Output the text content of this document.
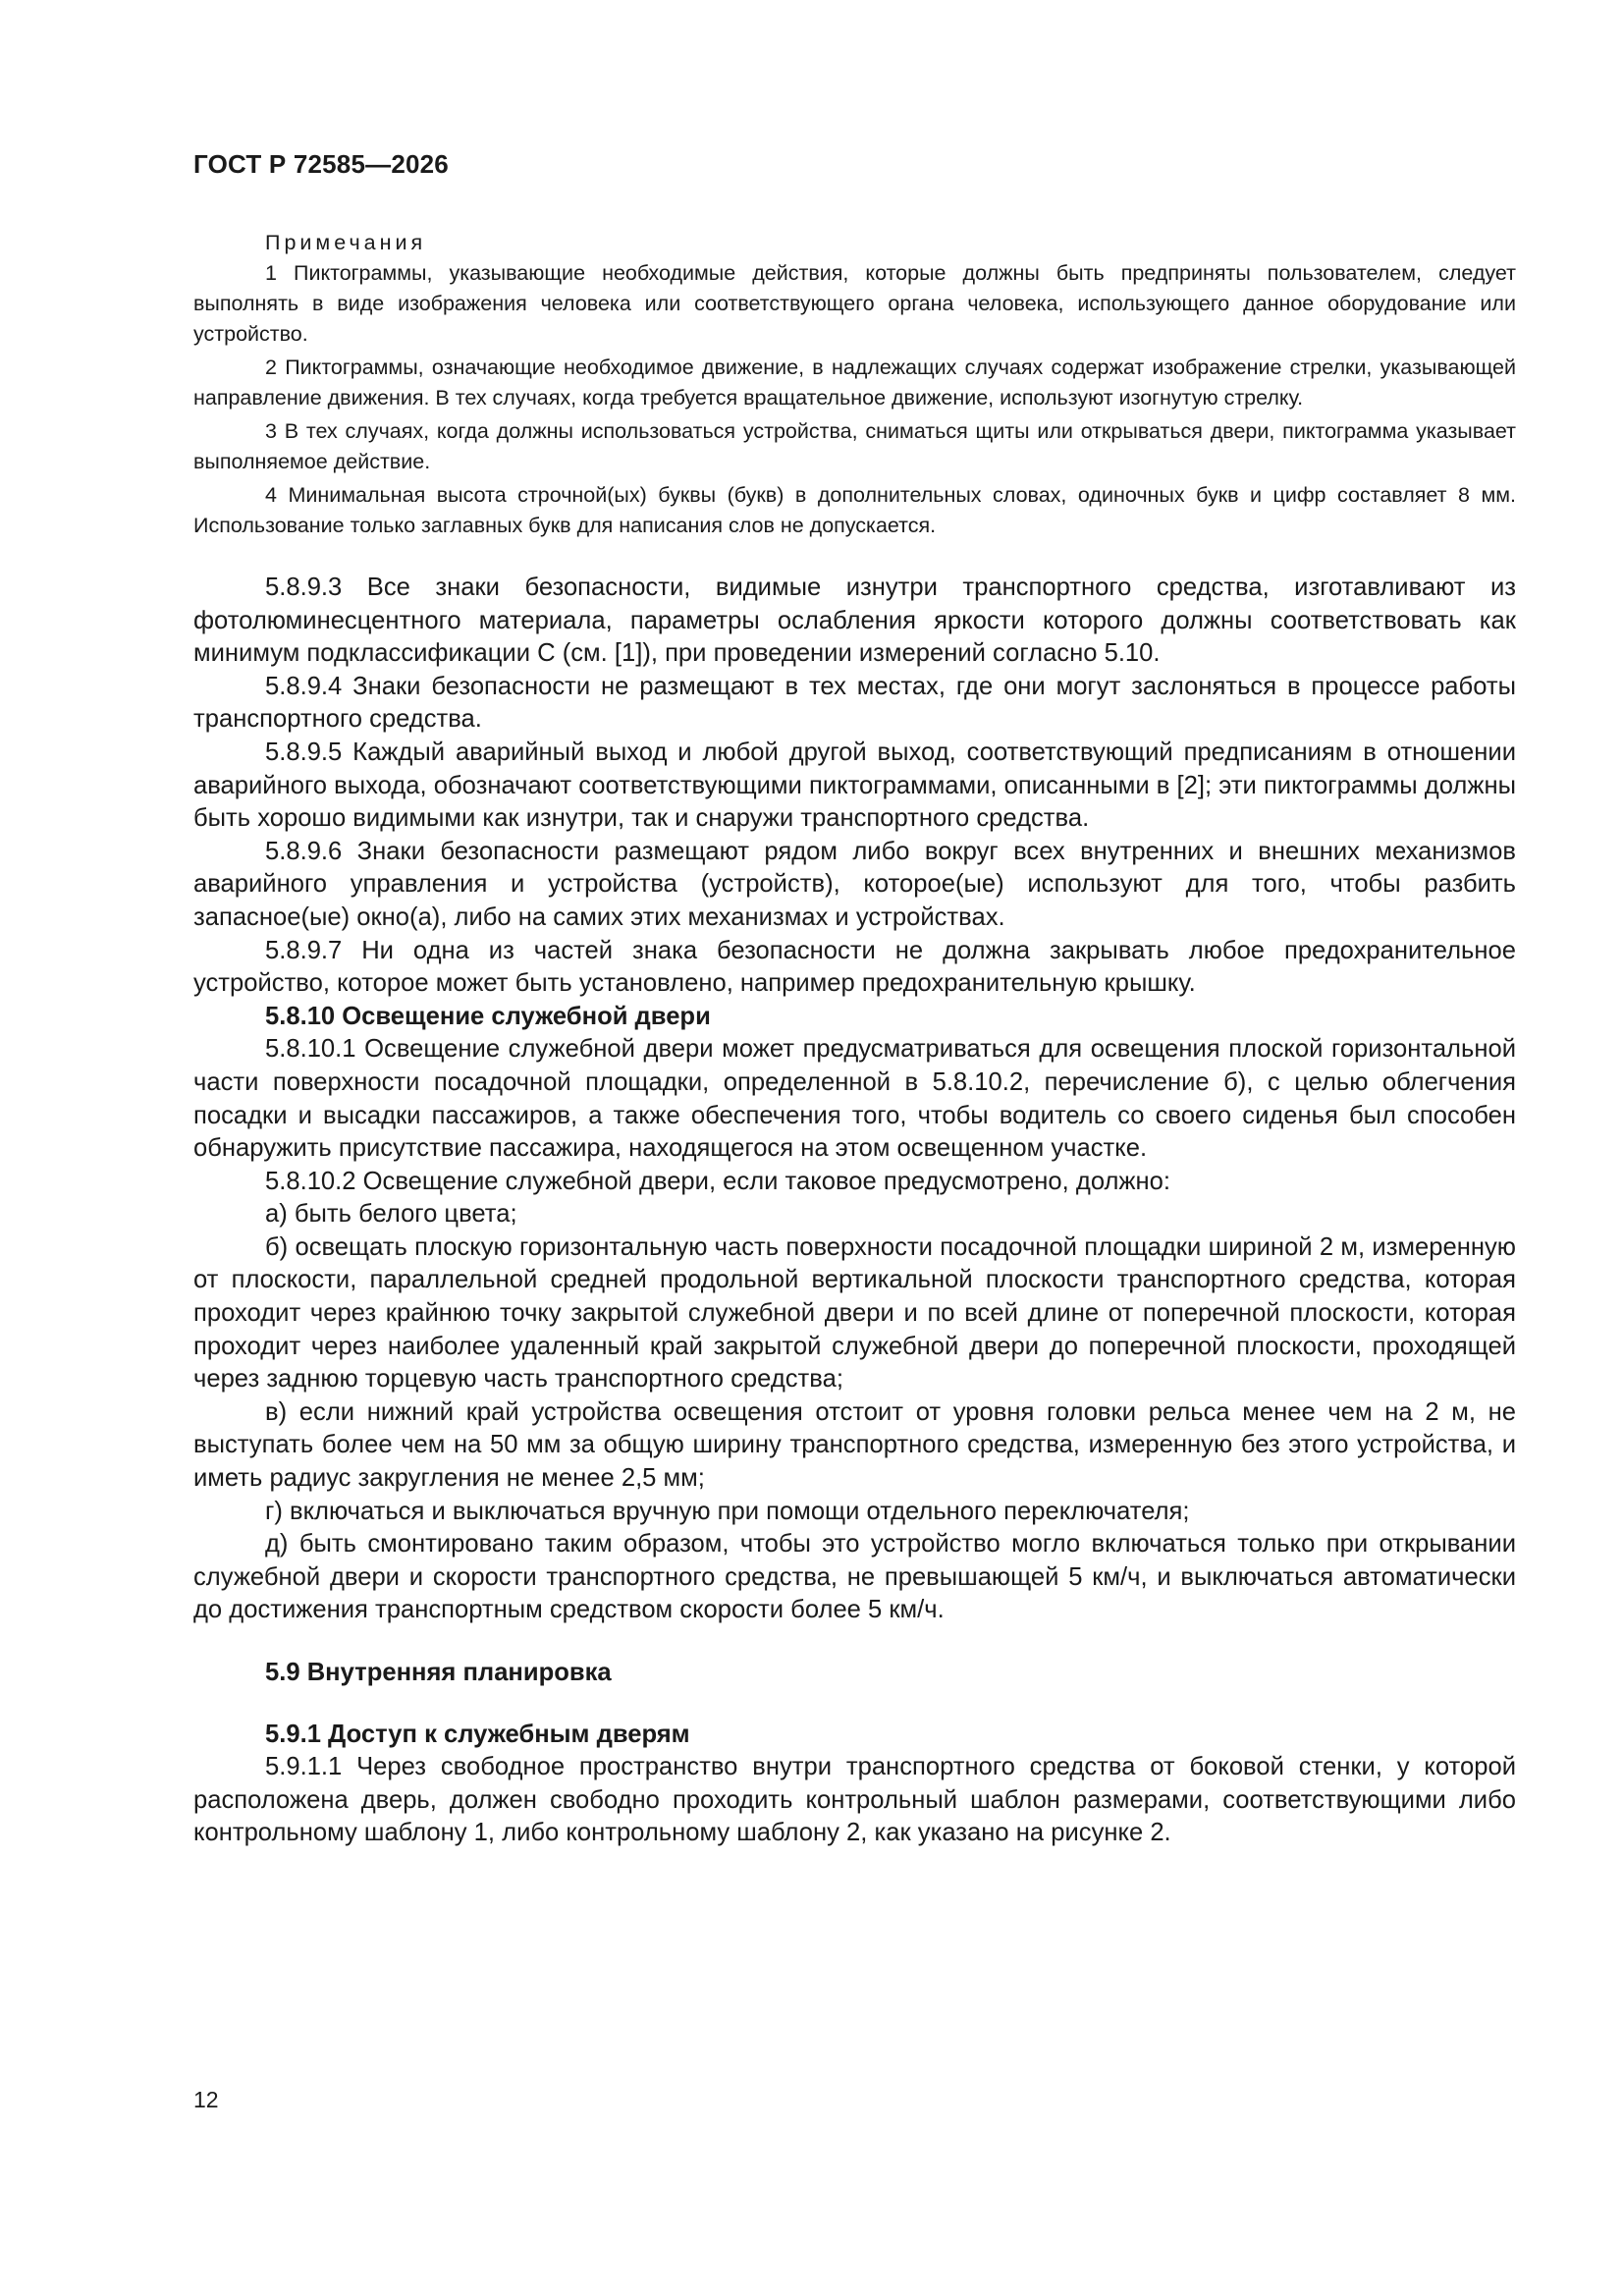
ГОСТ Р 72585—2026
Примечания

1 Пиктограммы, указывающие необходимые действия, которые должны быть предприняты пользователем, следует выполнять в виде изображения человека или соответствующего органа человека, использующего данное оборудование или устройство.

2 Пиктограммы, означающие необходимое движение, в надлежащих случаях содержат изображение стрелки, указывающей направление движения. В тех случаях, когда требуется вращательное движение, используют изогнутую стрелку.

3 В тех случаях, когда должны использоваться устройства, сниматься щиты или открываться двери, пиктограмма указывает выполняемое действие.

4 Минимальная высота строчной(ых) буквы (букв) в дополнительных словах, одиночных букв и цифр составляет 8 мм. Использование только заглавных букв для написания слов не допускается.

5.8.9.3 Все знаки безопасности, видимые изнутри транспортного средства, изготавливают из фотолюминесцентного материала, параметры ослабления яркости которого должны соответствовать как минимум подклассификации С (см. [1]), при проведении измерений согласно 5.10.

5.8.9.4 Знаки безопасности не размещают в тех местах, где они могут заслоняться в процессе работы транспортного средства.

5.8.9.5 Каждый аварийный выход и любой другой выход, соответствующий предписаниям в отношении аварийного выхода, обозначают соответствующими пиктограммами, описанными в [2]; эти пиктограммы должны быть хорошо видимыми как изнутри, так и снаружи транспортного средства.

5.8.9.6 Знаки безопасности размещают рядом либо вокруг всех внутренних и внешних механизмов аварийного управления и устройства (устройств), которое(ые) используют для того, чтобы разбить запасное(ые) окно(а), либо на самих этих механизмах и устройствах.

5.8.9.7 Ни одна из частей знака безопасности не должна закрывать любое предохранительное устройство, которое может быть установлено, например предохранительную крышку.

5.8.10 Освещение служебной двери

5.8.10.1 Освещение служебной двери может предусматриваться для освещения плоской горизонтальной части поверхности посадочной площадки, определенной в 5.8.10.2, перечисление б), с целью облегчения посадки и высадки пассажиров, а также обеспечения того, чтобы водитель со своего сиденья был способен обнаружить присутствие пассажира, находящегося на этом освещенном участке.

5.8.10.2 Освещение служебной двери, если таковое предусмотрено, должно:

а) быть белого цвета;

б) освещать плоскую горизонтальную часть поверхности посадочной площадки шириной 2 м, измеренную от плоскости, параллельной средней продольной вертикальной плоскости транспортного средства, которая проходит через крайнюю точку закрытой служебной двери и по всей длине от поперечной плоскости, которая проходит через наиболее удаленный край закрытой служебной двери до поперечной плоскости, проходящей через заднюю торцевую часть транспортного средства;

в) если нижний край устройства освещения отстоит от уровня головки рельса менее чем на 2 м, не выступать более чем на 50 мм за общую ширину транспортного средства, измеренную без этого устройства, и иметь радиус закругления не менее 2,5 мм;

г) включаться и выключаться вручную при помощи отдельного переключателя;

д) быть смонтировано таким образом, чтобы это устройство могло включаться только при открывании служебной двери и скорости транспортного средства, не превышающей 5 км/ч, и выключаться автоматически до достижения транспортным средством скорости более 5 км/ч.

5.9 Внутренняя планировка
5.9.1 Доступ к служебным дверям

5.9.1.1 Через свободное пространство внутри транспортного средства от боковой стенки, у которой расположена дверь, должен свободно проходить контрольный шаблон размерами, соответствующими либо контрольному шаблону 1, либо контрольному шаблону 2, как указано на рисунке 2.

12
